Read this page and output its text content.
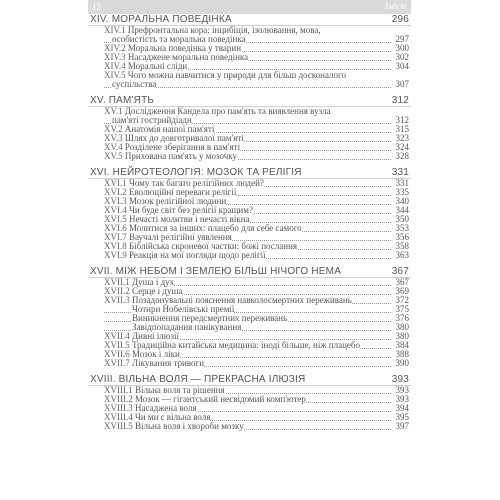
12	Зміст
XIV. МОРАЛЬНА ПОВЕДІНКА	296
XIV.1 Префронтальна кора: інцибіція, ізолювання, мова,
особистість та моральна поведінка	297
XIV.2 Моральна поведінка у тварин	300
XIV.3 Насаджене моральна поведінка	302
XIV.4 Моральні сліди	304
XIV.5 Чого можна навчитися у природи для більш досконалого
суспільства	307
XV. ПАМ'ЯТЬ	312
XV.1 Дослідження Кандела про пам'ять та виявлення вузла
пам'яті гострийдіадн	312
XV.2 Анатомія нашої пам'яті	315
XV.3 Шлях до довготривалої пам'яті	323
XV.4 Розділене зберігання в пам'яті	324
XV.5 Прихована пам'ять у мозочку	328
XVI. НЕЙРОТЕОЛОГІЯ: МОЗОК ТА РЕЛІГІЯ	331
XVI.1 Чому так багато релігійних людей?	331
XVI.2 Еволюційні переваги релігії	335
XVI.3 Мозок релігійної людини	340
XVI.4 Чи буде світ без релігії кращим?	344
XVI.5 Нечасті молитви і нечасті вікна	350
XVI.6 Молитися за інших: плацебо для себе самого	353
XVI.7 Ваучалі релігійні уявлення	356
XVI.8 Біблійська скроневої частки: божі послання	358
XVI.9 Реакція на мої погляди щодо релігії	363
XVII. МІЖ НЕБОМ І ЗЕМЛЕЮ БІЛЬШ НІЧОГО НЕМА	367
XVII.1 Душа і дух	367
XVII.2 Серце і душа	369
XVII.3 Позадонувальні пояснення навколосмертних переживань	372
Чотири Нобелівські премії	375
Виникнення передсмертних переживань	376
Завідпопадання панікування	380
XVII.4 Дивні ілюзії	380
XVII.5 Традиційна китайська медицина: іноді більше, ніж плацебо	384
XVII.6 Мозок і ліки	388
XVII.7 Лікування тривоги	390
XVIII. ВІЛЬНА ВОЛЯ — ПРЕКРАСНА ІЛЮЗІЯ	393
XVIII.1 Вільна воля та рішення	393
XVIII.2 Мозок — гігантський несвідомий комп'ютер	393
XVIII.3 Насаджена воля	394
XVIII.4 Чи ми є вільна воля	395
XVIII.5 Вільна воля і хвороби мозку	397
